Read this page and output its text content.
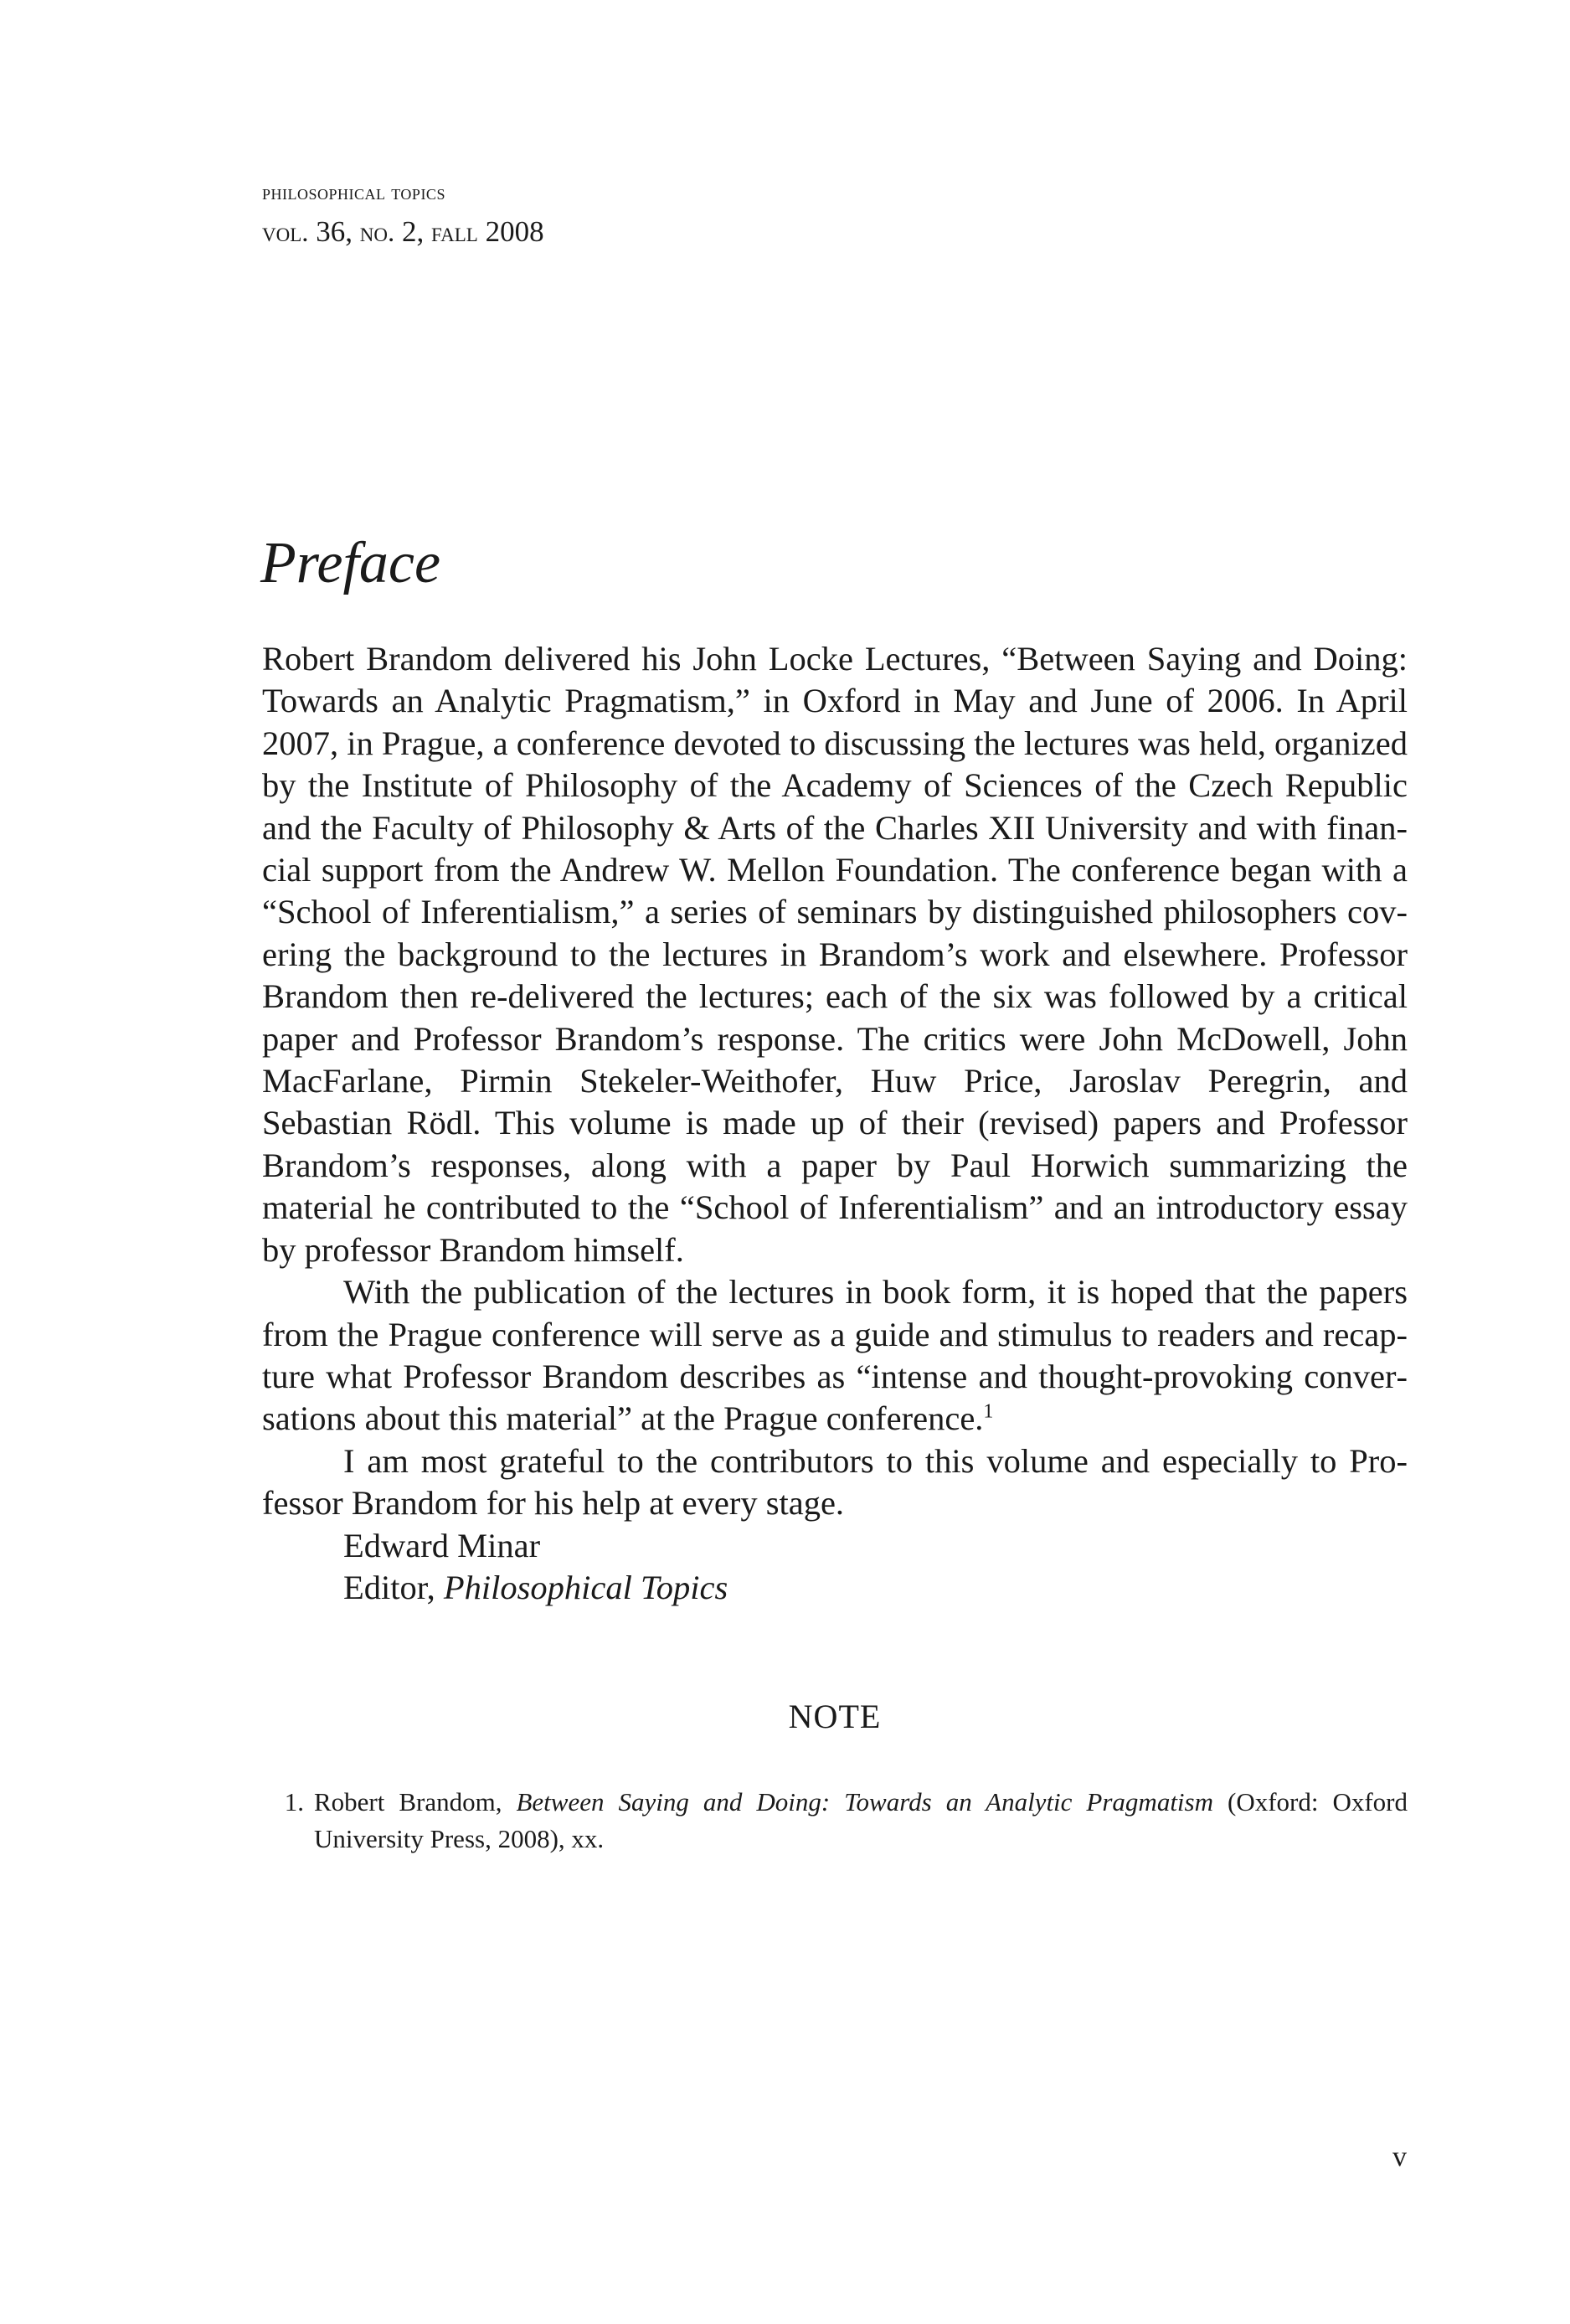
philosophical topics
vol. 36, no. 2, fall 2008
Preface

Robert Brandom delivered his John Locke Lectures, “Between Saying and Doing: Towards an Analytic Pragmatism,” in Oxford in May and June of 2006. In April 2007, in Prague, a conference devoted to discussing the lectures was held, organized by the Institute of Philosophy of the Academy of Sciences of the Czech Republic and the Faculty of Philosophy & Arts of the Charles XII University and with financial support from the Andrew W. Mellon Foundation. The conference began with a “School of Inferentialism,” a series of seminars by distinguished philosophers covering the background to the lectures in Brandom’s work and elsewhere. Professor Brandom then re-delivered the lectures; each of the six was followed by a critical paper and Professor Brandom’s response. The critics were John McDowell, John MacFarlane, Pirmin Stekeler-Weithofer, Huw Price, Jaroslav Peregrin, and Sebastian Rödl. This volume is made up of their (revised) papers and Professor Brandom’s responses, along with a paper by Paul Horwich summarizing the material he contributed to the “School of Inferentialism” and an introductory essay by professor Brandom himself.

With the publication of the lectures in book form, it is hoped that the papers from the Prague conference will serve as a guide and stimulus to readers and recapture what Professor Brandom describes as “intense and thought-provoking conversations about this material” at the Prague conference.$^1$

I am most grateful to the contributors to this volume and especially to Professor Brandom for his help at every stage.

Edward Minar
Editor, Philosophical Topics
NOTE
1. Robert Brandom, Between Saying and Doing: Towards an Analytic Pragmatism (Oxford: Oxford University Press, 2008), xx.
v
